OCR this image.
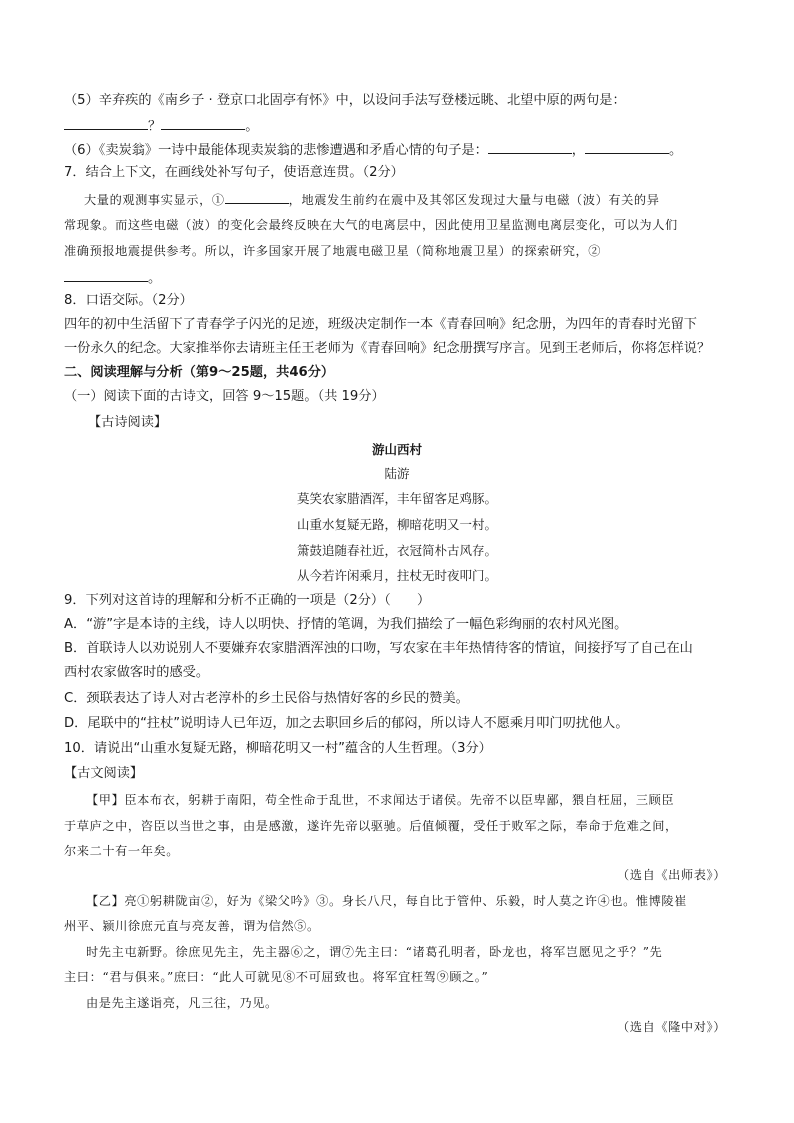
（5）辛弃疾的《南乡子 · 登京口北固亭有怀》中，以设问手法写登楼远眺、北望中原的两句是：
？	。
（6）《卖炭翁》一诗中最能体现卖炭翁的悲惨遭遇和矛盾心情的句子是：	，	。
7．结合上下文，在画线处补写句子，使语意连贯。（2分）
大量的观测事实显示，①	，地震发生前约在震中及其邻区发现过大量与电磁（波）有关的异
常现象。而这些电磁（波）的变化会最终反映在大气的电离层中，因此使用卫星监测电离层变化，可以为人们
准确预报地震提供参考。所以，许多国家开展了地震电磁卫星（简称地震卫星）的探索研究，②
。
8．口语交际。（2分）
四年的初中生活留下了青春学子闪光的足迹，班级决定制作一本《青春回响》纪念册，为四年的青春时光留下
一份永久的纪念。大家推举你去请班主任王老师为《青春回响》纪念册撰写序言。见到王老师后，你将怎样说？
二、阅读理解与分析（第9～25题，共46分）
（一）阅读下面的古诗文，回答 9～15题。（共 19分）
【古诗阅读】
游山西村
陆游
莫笑农家腊酒浑，丰年留客足鸡豚。
山重水复疑无路，柳暗花明又一村。
箫鼓追随春社近，衣冠简朴古风存。
从今若许闲乘月，拄杖无时夜叩门。
9．下列对这首诗的理解和分析不正确的一项是（2分）（　　）
A．“游”字是本诗的主线，诗人以明快、抒情的笔调，为我们描绘了一幅色彩绚丽的农村风光图。
B．首联诗人以劝说别人不要嫌弃农家腊酒浑浊的口吻，写农家在丰年热情待客的情谊，间接抒写了自己在山
西村农家做客时的感受。
C．颈联表达了诗人对古老淳朴的乡土民俗与热情好客的乡民的赞美。
D．尾联中的“拄杖”说明诗人已年迈，加之去职回乡后的郁闷，所以诗人不愿乘月叩门叨扰他人。
10．请说出“山重水复疑无路，柳暗花明又一村”蕴含的人生哲理。（3分）
【古文阅读】
【甲】臣本布衣，躬耕于南阳，苟全性命于乱世，不求闻达于诸侯。先帝不以臣卑鄙，猥自枉屈，三顾臣
于草庐之中，咨臣以当世之事，由是感激，遂许先帝以驱驰。后值倾覆，受任于败军之际，奉命于危难之间，
尔来二十有一年矣。
（选自《出师表》）
【乙】亮①躬耕陇亩②，好为《梁父吟》③。身长八尺，每自比于管仲、乐毅，时人莫之许④也。惟博陵崔
州平、颍川徐庶元直与亮友善，谓为信然⑤。
时先主屯新野。徐庶见先主，先主器⑥之，谓⑦先主曰：“诸葛孔明者，卧龙也，将军岂愿见之乎？”先
主曰：“君与俱来。”庶曰：“此人可就见⑧不可屈致也。将军宜枉驾⑨顾之。”
由是先主遂诣亮，凡三往，乃见。
（选自《隆中对》）
